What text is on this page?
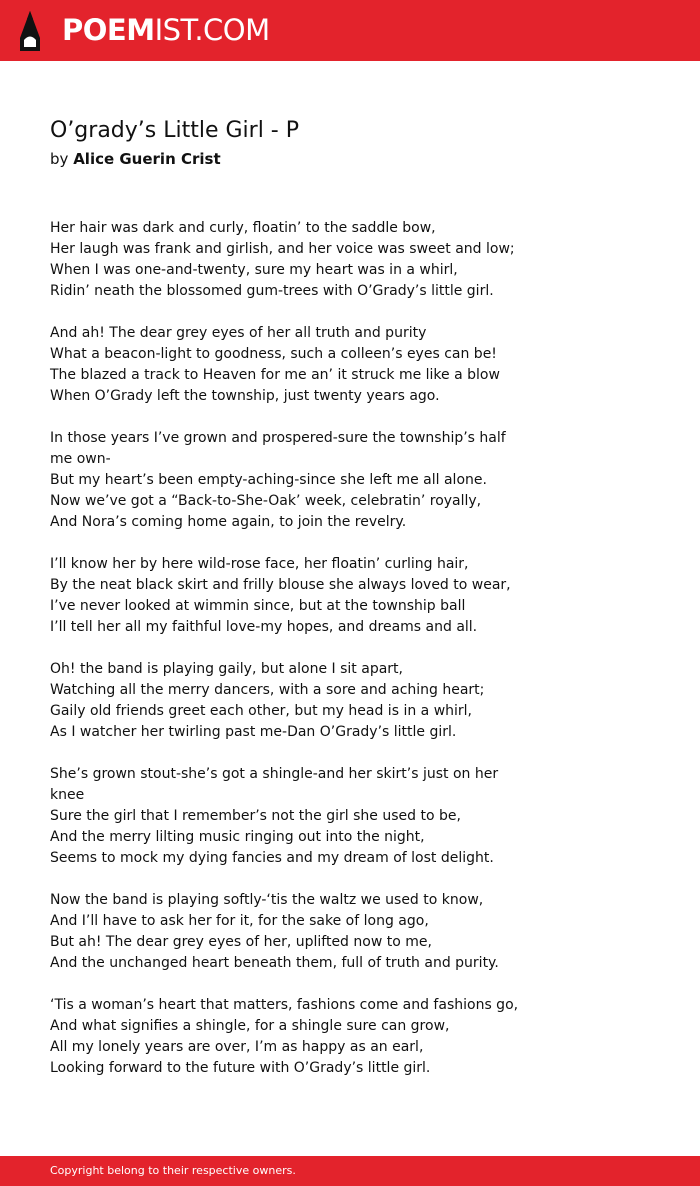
POEMIST.COM
O’grady’s Little Girl - P
by Alice Guerin Crist
Her hair was dark and curly, floatin’ to the saddle bow,
Her laugh was frank and girlish, and her voice was sweet and low;
When I was one-and-twenty, sure my heart was in a whirl,
Ridin’ neath the blossomed gum-trees with O’Grady’s little girl.
And ah! The dear grey eyes of her all truth and purity
What a beacon-light to goodness, such a colleen’s eyes can be!
The blazed a track to Heaven for me an’ it struck me like a blow
When O’Grady left the township, just twenty years ago.
In those years I’ve grown and prospered-sure the township’s half me own-
But my heart’s been empty-aching-since she left me all alone.
Now we’ve got a “Back-to-She-Oak’ week, celebratin’ royally,
And Nora’s coming home again, to join the revelry.
I’ll know her by here wild-rose face, her floatin’ curling hair,
By the neat black skirt and frilly blouse she always loved to wear,
I’ve never looked at wimmin since, but at the township ball
I’ll tell her all my faithful love-my hopes, and dreams and all.
Oh! the band is playing gaily, but alone I sit apart,
Watching all the merry dancers, with a sore and aching heart;
Gaily old friends greet each other, but my head is in a whirl,
As I watcher her twirling past me-Dan O’Grady’s little girl.
She’s grown stout-she’s got a shingle-and her skirt’s just on her knee
Sure the girl that I remember’s not the girl she used to be,
And the merry lilting music ringing out into the night,
Seems to mock my dying fancies and my dream of lost delight.
Now the band is playing softly-‘tis the waltz we used to know,
And I’ll have to ask her for it, for the sake of long ago,
But ah! The dear grey eyes of her, uplifted now to me,
And the unchanged heart beneath them, full of truth and purity.
‘Tis a woman’s heart that matters, fashions come and fashions go,
And what signifies a shingle, for a shingle sure can grow,
All my lonely years are over, I’m as happy as an earl,
Looking forward to the future with O’Grady’s little girl.
Copyright belong to their respective owners.
